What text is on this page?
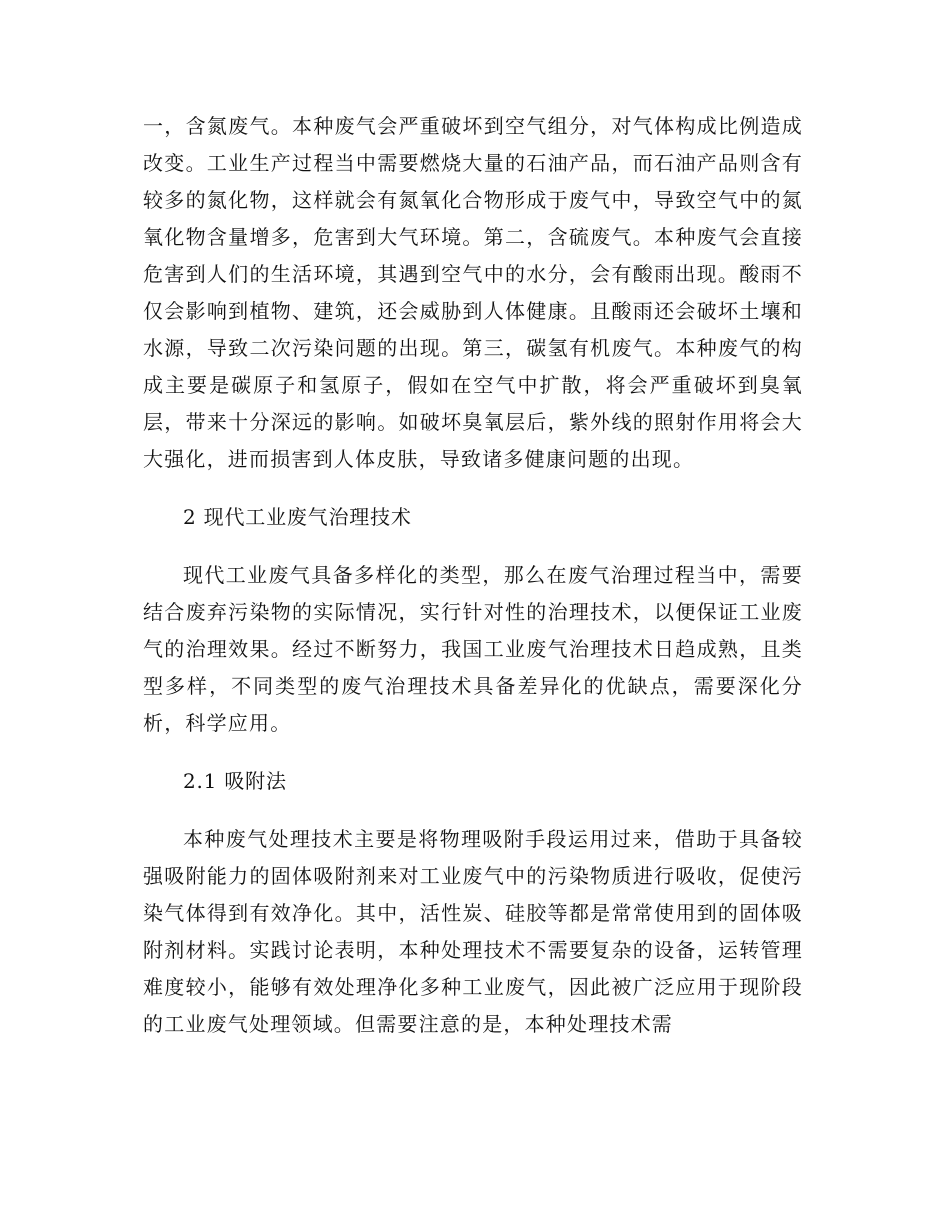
一，含氮废气。本种废气会严重破坏到空气组分，对气体构成比例造成改变。工业生产过程当中需要燃烧大量的石油产品，而石油产品则含有较多的氮化物，这样就会有氮氧化合物形成于废气中，导致空气中的氮氧化物含量增多，危害到大气环境。第二，含硫废气。本种废气会直接危害到人们的生活环境，其遇到空气中的水分，会有酸雨出现。酸雨不仅会影响到植物、建筑，还会威胁到人体健康。且酸雨还会破坏土壤和水源，导致二次污染问题的出现。第三，碳氢有机废气。本种废气的构成主要是碳原子和氢原子，假如在空气中扩散，将会严重破坏到臭氧层，带来十分深远的影响。如破坏臭氧层后，紫外线的照射作用将会大大强化，进而损害到人体皮肤，导致诸多健康问题的出现。

2 现代工业废气治理技术

现代工业废气具备多样化的类型，那么在废气治理过程当中，需要结合废弃污染物的实际情况，实行针对性的治理技术，以便保证工业废气的治理效果。经过不断努力，我国工业废气治理技术日趋成熟，且类型多样，不同类型的废气治理技术具备差异化的优缺点，需要深化分析，科学应用。

2.1 吸附法

本种废气处理技术主要是将物理吸附手段运用过来，借助于具备较强吸附能力的固体吸附剂来对工业废气中的污染物质进行吸收，促使污染气体得到有效净化。其中，活性炭、硅胶等都是常常使用到的固体吸附剂材料。实践讨论表明，本种处理技术不需要复杂的设备，运转管理难度较小，能够有效处理净化多种工业废气，因此被广泛应用于现阶段的工业废气处理领域。但需要注意的是，本种处理技术需
